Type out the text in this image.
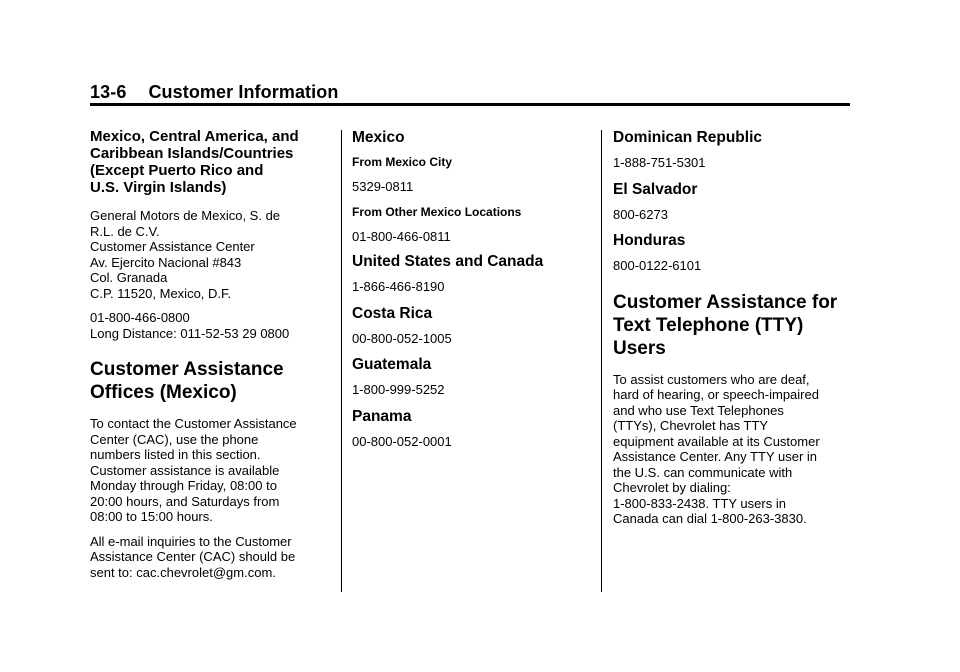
13-6 Customer Information
Mexico, Central America, and
Caribbean Islands/Countries
(Except Puerto Rico and
U.S. Virgin Islands)

General Motors de Mexico, S. de
R.L. de C.V.
Customer Assistance Center
Av. Ejercito Nacional #843
Col. Granada
C.P. 11520, Mexico, D.F.

01-800-466-0800
Long Distance: 011-52-53 29 0800

Customer Assistance
Offices (Mexico)

To contact the Customer Assistance
Center (CAC), use the phone
numbers listed in this section.
Customer assistance is available
Monday through Friday, 08:00 to
20:00 hours, and Saturdays from
08:00 to 15:00 hours.

All e-mail inquiries to the Customer
Assistance Center (CAC) should be
sent to: cac.chevrolet@gm.com.

Mexico
From Mexico City

5329-0811

From Other Mexico Locations

01-800-466-0811

United States and Canada

1-866-466-8190

Costa Rica

00-800-052-1005

Guatemala

1-800-999-5252

Panama

00-800-052-0001

Dominican Republic

1-888-751-5301

El Salvador

800-6273

Honduras

800-0122-6101

Customer Assistance for
Text Telephone (TTY)
Users

To assist customers who are deaf,
hard of hearing, or speech-impaired
and who use Text Telephones
(TTYs), Chevrolet has TTY
equipment available at its Customer
Assistance Center. Any TTY user in
the U.S. can communicate with
Chevrolet by dialing:
1-800-833-2438. TTY users in
Canada can dial 1-800-263-3830.
